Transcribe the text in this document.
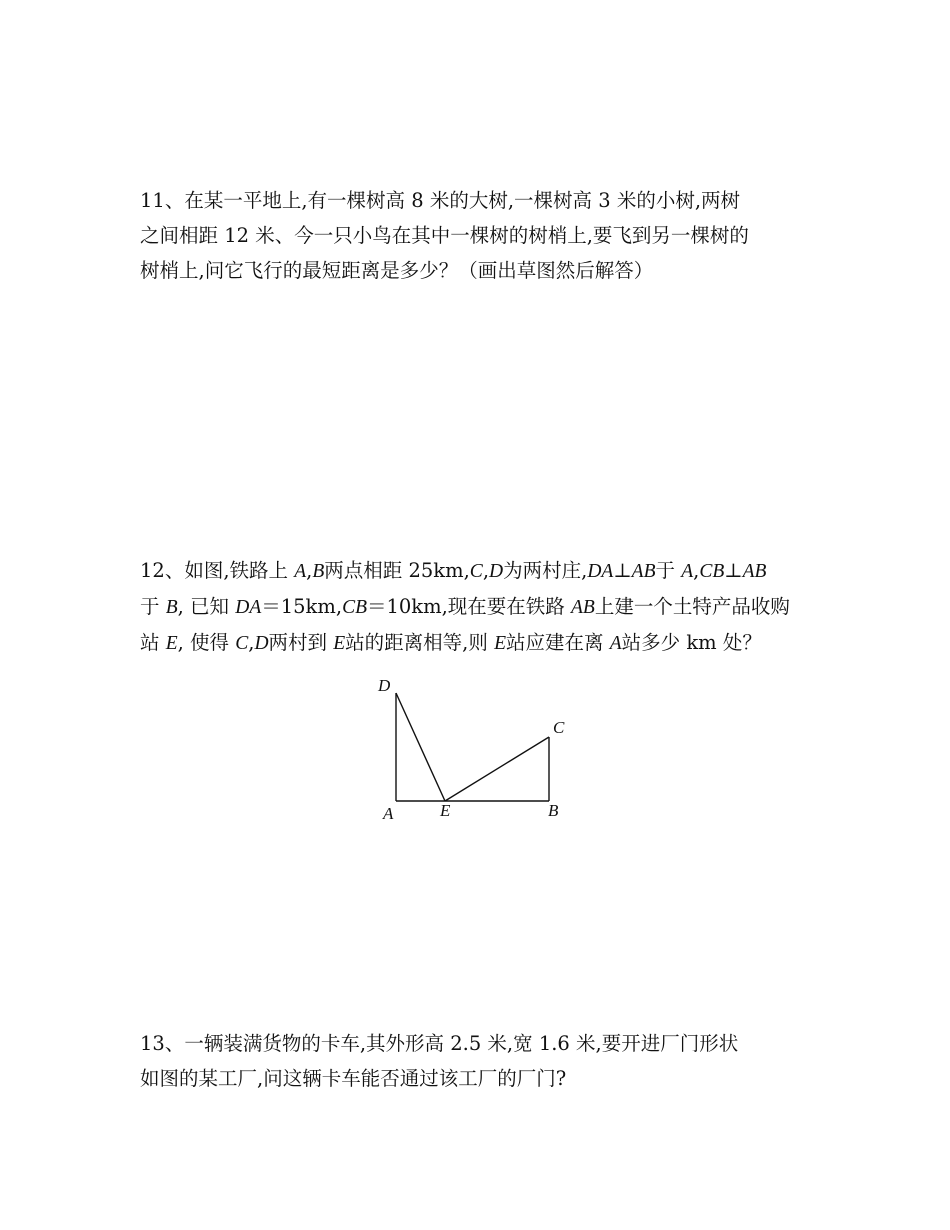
11、在某一平地上,有一棵树高 8 米的大树,一棵树高 3 米的小树,两树

之间相距 12 米、今一只小鸟在其中一棵树的树梢上,要飞到另一棵树的

树梢上,问它飞行的最短距离是多少？（画出草图然后解答）

12、如图,铁路上 A,B两点相距 25km,C,D为两村庄,DA⊥AB于 A,CB⊥AB

于 B, 已知 DA＝15km,CB＝10km,现在要在铁路 AB上建一个土特产品收购

站 E, 使得 C,D两村到 E站的距离相等,则 E站应建在离 A站多少 km 处？

D
C
A	E	B

13、一辆装满货物的卡车,其外形高 2.5 米,宽 1.6 米,要开进厂门形状

如图的某工厂,问这辆卡车能否通过该工厂的厂门?
